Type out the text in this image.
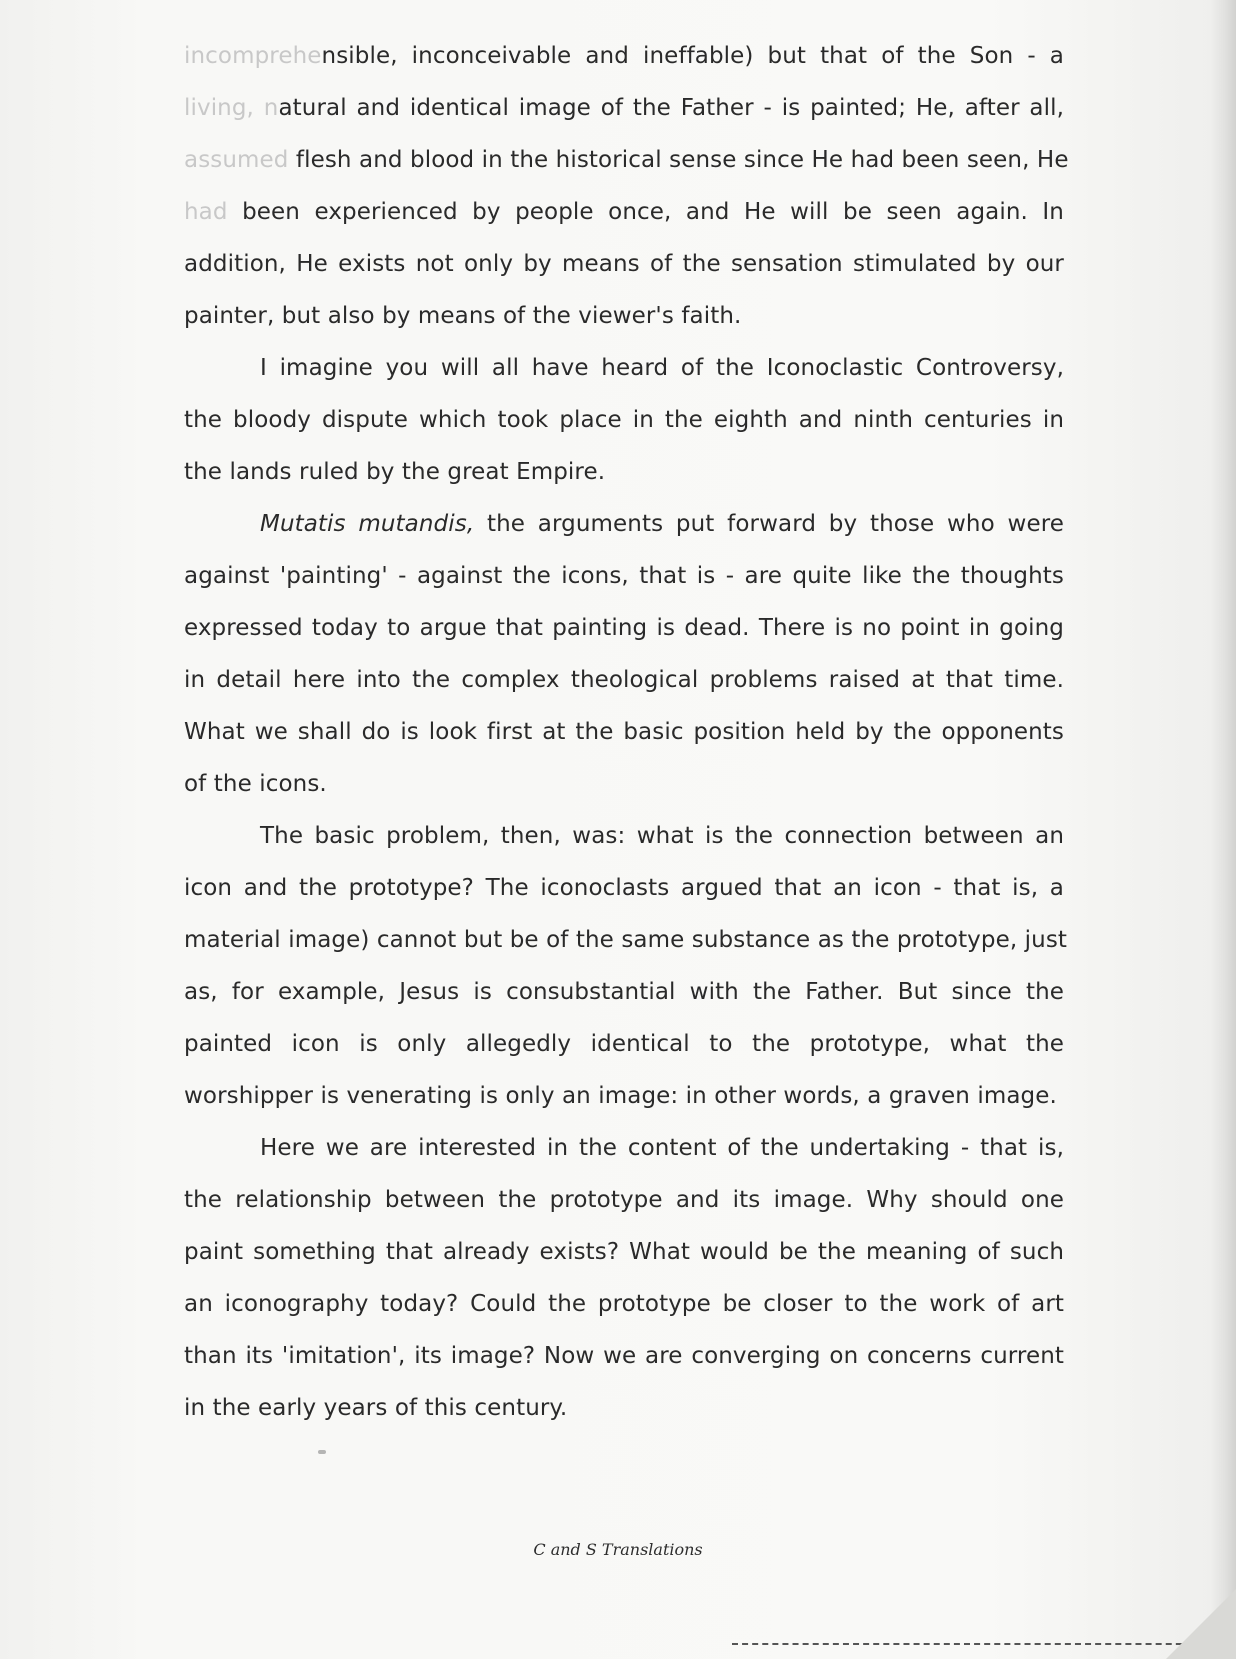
incomprehensible, inconceivable and ineffable) but that of the Son - a
living, natural and identical image of the Father - is painted; He, after all,
assumed flesh and blood in the historical sense since He had been seen, He
had been experienced by people once, and He will be seen again. In
addition, He exists not only by means of the sensation stimulated by our
painter, but also by means of the viewer's faith.
I imagine you will all have heard of the Iconoclastic Controversy,
the bloody dispute which took place in the eighth and ninth centuries in
the lands ruled by the great Empire.
Mutatis mutandis, the arguments put forward by those who were
against 'painting' - against the icons, that is - are quite like the thoughts
expressed today to argue that painting is dead. There is no point in going
in detail here into the complex theological problems raised at that time.
What we shall do is look first at the basic position held by the opponents
of the icons.
The basic problem, then, was: what is the connection between an
icon and the prototype? The iconoclasts argued that an icon - that is, a
material image) cannot but be of the same substance as the prototype, just
as, for example, Jesus is consubstantial with the Father. But since the
painted icon is only allegedly identical to the prototype, what the
worshipper is venerating is only an image: in other words, a graven image.
Here we are interested in the content of the undertaking - that is,
the relationship between the prototype and its image. Why should one
paint something that already exists? What would be the meaning of such
an iconography today? Could the prototype be closer to the work of art
than its 'imitation', its image? Now we are converging on concerns current
in the early years of this century.
C and S Translations
